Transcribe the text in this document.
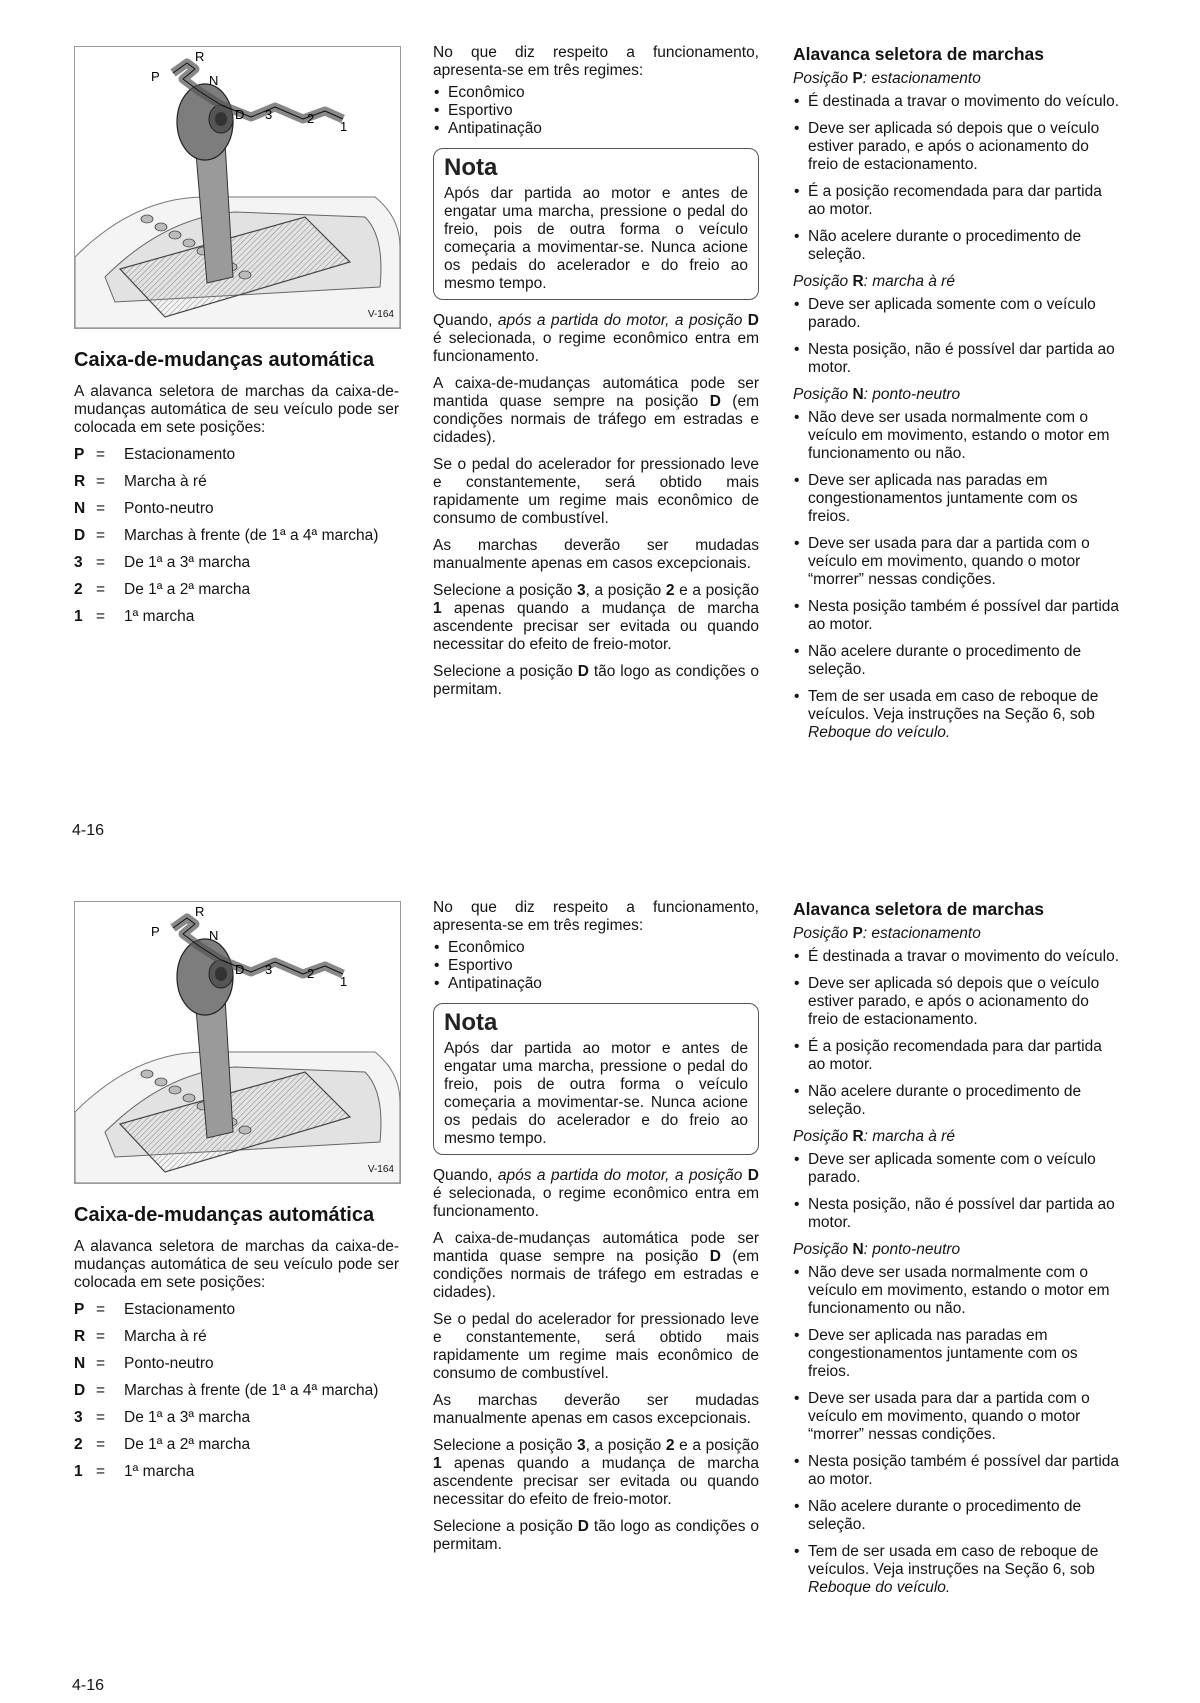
R
P	N
D 3	2
1
V-164
Caixa-de-mudanças automática

A alavanca seletora de marchas da caixa-de-mudanças automática de seu veículo pode ser colocada em sete posições:

P =	Estacionamento
R =	Marcha à ré
N =	Ponto-neutro
D =	Marchas à frente (de 1ª a 4ª marcha)
3 =	De 1ª a 3ª marcha
2 =	De 1ª a 2ª marcha
1 =	1ª marcha

No que diz respeito a funcionamento, apresenta-se em três regimes:

• Econômico
• Esportivo
• Antipatinação
Nota
Após dar partida ao motor e antes de engatar uma marcha, pressione o pedal do freio, pois de outra forma o veículo começaria a movimentar-se. Nunca acione os pedais do acelerador e do freio ao mesmo tempo.

Quando, após a partida do motor, a posição D é selecionada, o regime econômico entra em funcionamento.

A caixa-de-mudanças automática pode ser mantida quase sempre na posição D (em condições normais de tráfego em estradas e cidades).

Se o pedal do acelerador for pressionado leve e constantemente, será obtido mais rapidamente um regime mais econômico de consumo de combustível.

As marchas deverão ser mudadas manualmente apenas em casos excepcionais.

Selecione a posição 3, a posição 2 e a posição 1 apenas quando a mudança de marcha ascendente precisar ser evitada ou quando necessitar do efeito de freio-motor.

Selecione a posição D tão logo as condições o permitam.

Alavanca seletora de marchas
Posição P: estacionamento
• É destinada a travar o movimento do veículo.
• Deve ser aplicada só depois que o veículo estiver parado, e após o acionamento do freio de estacionamento.
• É a posição recomendada para dar partida ao motor.
• Não acelere durante o procedimento de seleção.
Posição R: marcha à ré
• Deve ser aplicada somente com o veículo parado.
• Nesta posição, não é possível dar partida ao motor.
Posição N: ponto-neutro
• Não deve ser usada normalmente com o veículo em movimento, estando o motor em funcionamento ou não.
• Deve ser aplicada nas paradas em congestionamentos juntamente com os freios.
• Deve ser usada para dar a partida com o veículo em movimento, quando o motor “morrer” nessas condições.
• Nesta posição também é possível dar partida ao motor.
• Não acelere durante o procedimento de seleção.
• Tem de ser usada em caso de reboque de veículos. Veja instruções na Seção 6, sob Reboque do veículo.
4-16
R
P	N
D 3	2
1
V-164
Caixa-de-mudanças automática

A alavanca seletora de marchas da caixa-de-mudanças automática de seu veículo pode ser colocada em sete posições:

P =	Estacionamento
R =	Marcha à ré
N =	Ponto-neutro
D =	Marchas à frente (de 1ª a 4ª marcha)
3 =	De 1ª a 3ª marcha
2 =	De 1ª a 2ª marcha
1 =	1ª marcha

No que diz respeito a funcionamento, apresenta-se em três regimes:

• Econômico
• Esportivo
• Antipatinação
Nota
Após dar partida ao motor e antes de engatar uma marcha, pressione o pedal do freio, pois de outra forma o veículo começaria a movimentar-se. Nunca acione os pedais do acelerador e do freio ao mesmo tempo.

Quando, após a partida do motor, a posição D é selecionada, o regime econômico entra em funcionamento.

A caixa-de-mudanças automática pode ser mantida quase sempre na posição D (em condições normais de tráfego em estradas e cidades).

Se o pedal do acelerador for pressionado leve e constantemente, será obtido mais rapidamente um regime mais econômico de consumo de combustível.

As marchas deverão ser mudadas manualmente apenas em casos excepcionais.

Selecione a posição 3, a posição 2 e a posição 1 apenas quando a mudança de marcha ascendente precisar ser evitada ou quando necessitar do efeito de freio-motor.

Selecione a posição D tão logo as condições o permitam.

Alavanca seletora de marchas
Posição P: estacionamento
• É destinada a travar o movimento do veículo.
• Deve ser aplicada só depois que o veículo estiver parado, e após o acionamento do freio de estacionamento.
• É a posição recomendada para dar partida ao motor.
• Não acelere durante o procedimento de seleção.
Posição R: marcha à ré
• Deve ser aplicada somente com o veículo parado.
• Nesta posição, não é possível dar partida ao motor.
Posição N: ponto-neutro
• Não deve ser usada normalmente com o veículo em movimento, estando o motor em funcionamento ou não.
• Deve ser aplicada nas paradas em congestionamentos juntamente com os freios.
• Deve ser usada para dar a partida com o veículo em movimento, quando o motor “morrer” nessas condições.
• Nesta posição também é possível dar partida ao motor.
• Não acelere durante o procedimento de seleção.
• Tem de ser usada em caso de reboque de veículos. Veja instruções na Seção 6, sob Reboque do veículo.
4-16
